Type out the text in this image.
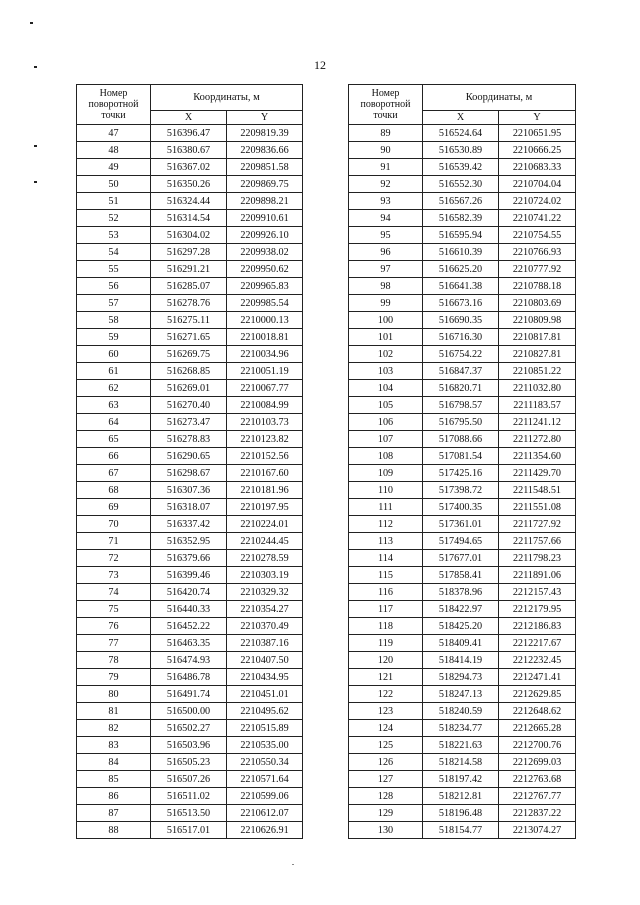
12
Номер
поворотной
точки	Координаты, м	
	X	Y
47	516396.47	2209819.39
48	516380.67	2209836.66
49	516367.02	2209851.58
50	516350.26	2209869.75
51	516324.44	2209898.21
52	516314.54	2209910.61
53	516304.02	2209926.10
54	516297.28	2209938.02
55	516291.21	2209950.62
56	516285.07	2209965.83
57	516278.76	2209985.54
58	516275.11	2210000.13
59	516271.65	2210018.81
60	516269.75	2210034.96
61	516268.85	2210051.19
62	516269.01	2210067.77
63	516270.40	2210084.99
64	516273.47	2210103.73
65	516278.83	2210123.82
66	516290.65	2210152.56
67	516298.67	2210167.60
68	516307.36	2210181.96
69	516318.07	2210197.95
70	516337.42	2210224.01
71	516352.95	2210244.45
72	516379.66	2210278.59
73	516399.46	2210303.19
74	516420.74	2210329.32
75	516440.33	2210354.27
76	516452.22	2210370.49
77	516463.35	2210387.16
78	516474.93	2210407.50
79	516486.78	2210434.95
80	516491.74	2210451.01
81	516500.00	2210495.62
82	516502.27	2210515.89
83	516503.96	2210535.00
84	516505.23	2210550.34
85	516507.26	2210571.64
86	516511.02	2210599.06
87	516513.50	2210612.07
88	516517.01	2210626.91
Номер
поворотной
точки	Координаты, м	
	X	Y
89	516524.64	2210651.95
90	516530.89	2210666.25
91	516539.42	2210683.33
92	516552.30	2210704.04
93	516567.26	2210724.02
94	516582.39	2210741.22
95	516595.94	2210754.55
96	516610.39	2210766.93
97	516625.20	2210777.92
98	516641.38	2210788.18
99	516673.16	2210803.69
100	516690.35	2210809.98
101	516716.30	2210817.81
102	516754.22	2210827.81
103	516847.37	2210851.22
104	516820.71	2211032.80
105	516798.57	2211183.57
106	516795.50	2211241.12
107	517088.66	2211272.80
108	517081.54	2211354.60
109	517425.16	2211429.70
110	517398.72	2211548.51
111	517400.35	2211551.08
112	517361.01	2211727.92
113	517494.65	2211757.66
114	517677.01	2211798.23
115	517858.41	2211891.06
116	518378.96	2212157.43
117	518422.97	2212179.95
118	518425.20	2212186.83
119	518409.41	2212217.67
120	518414.19	2212232.45
121	518294.73	2212471.41
122	518247.13	2212629.85
123	518240.59	2212648.62
124	518234.77	2212665.28
125	518221.63	2212700.76
126	518214.58	2212699.03
127	518197.42	2212763.68
128	518212.81	2212767.77
129	518196.48	2212837.22
130	518154.77	2213074.27
